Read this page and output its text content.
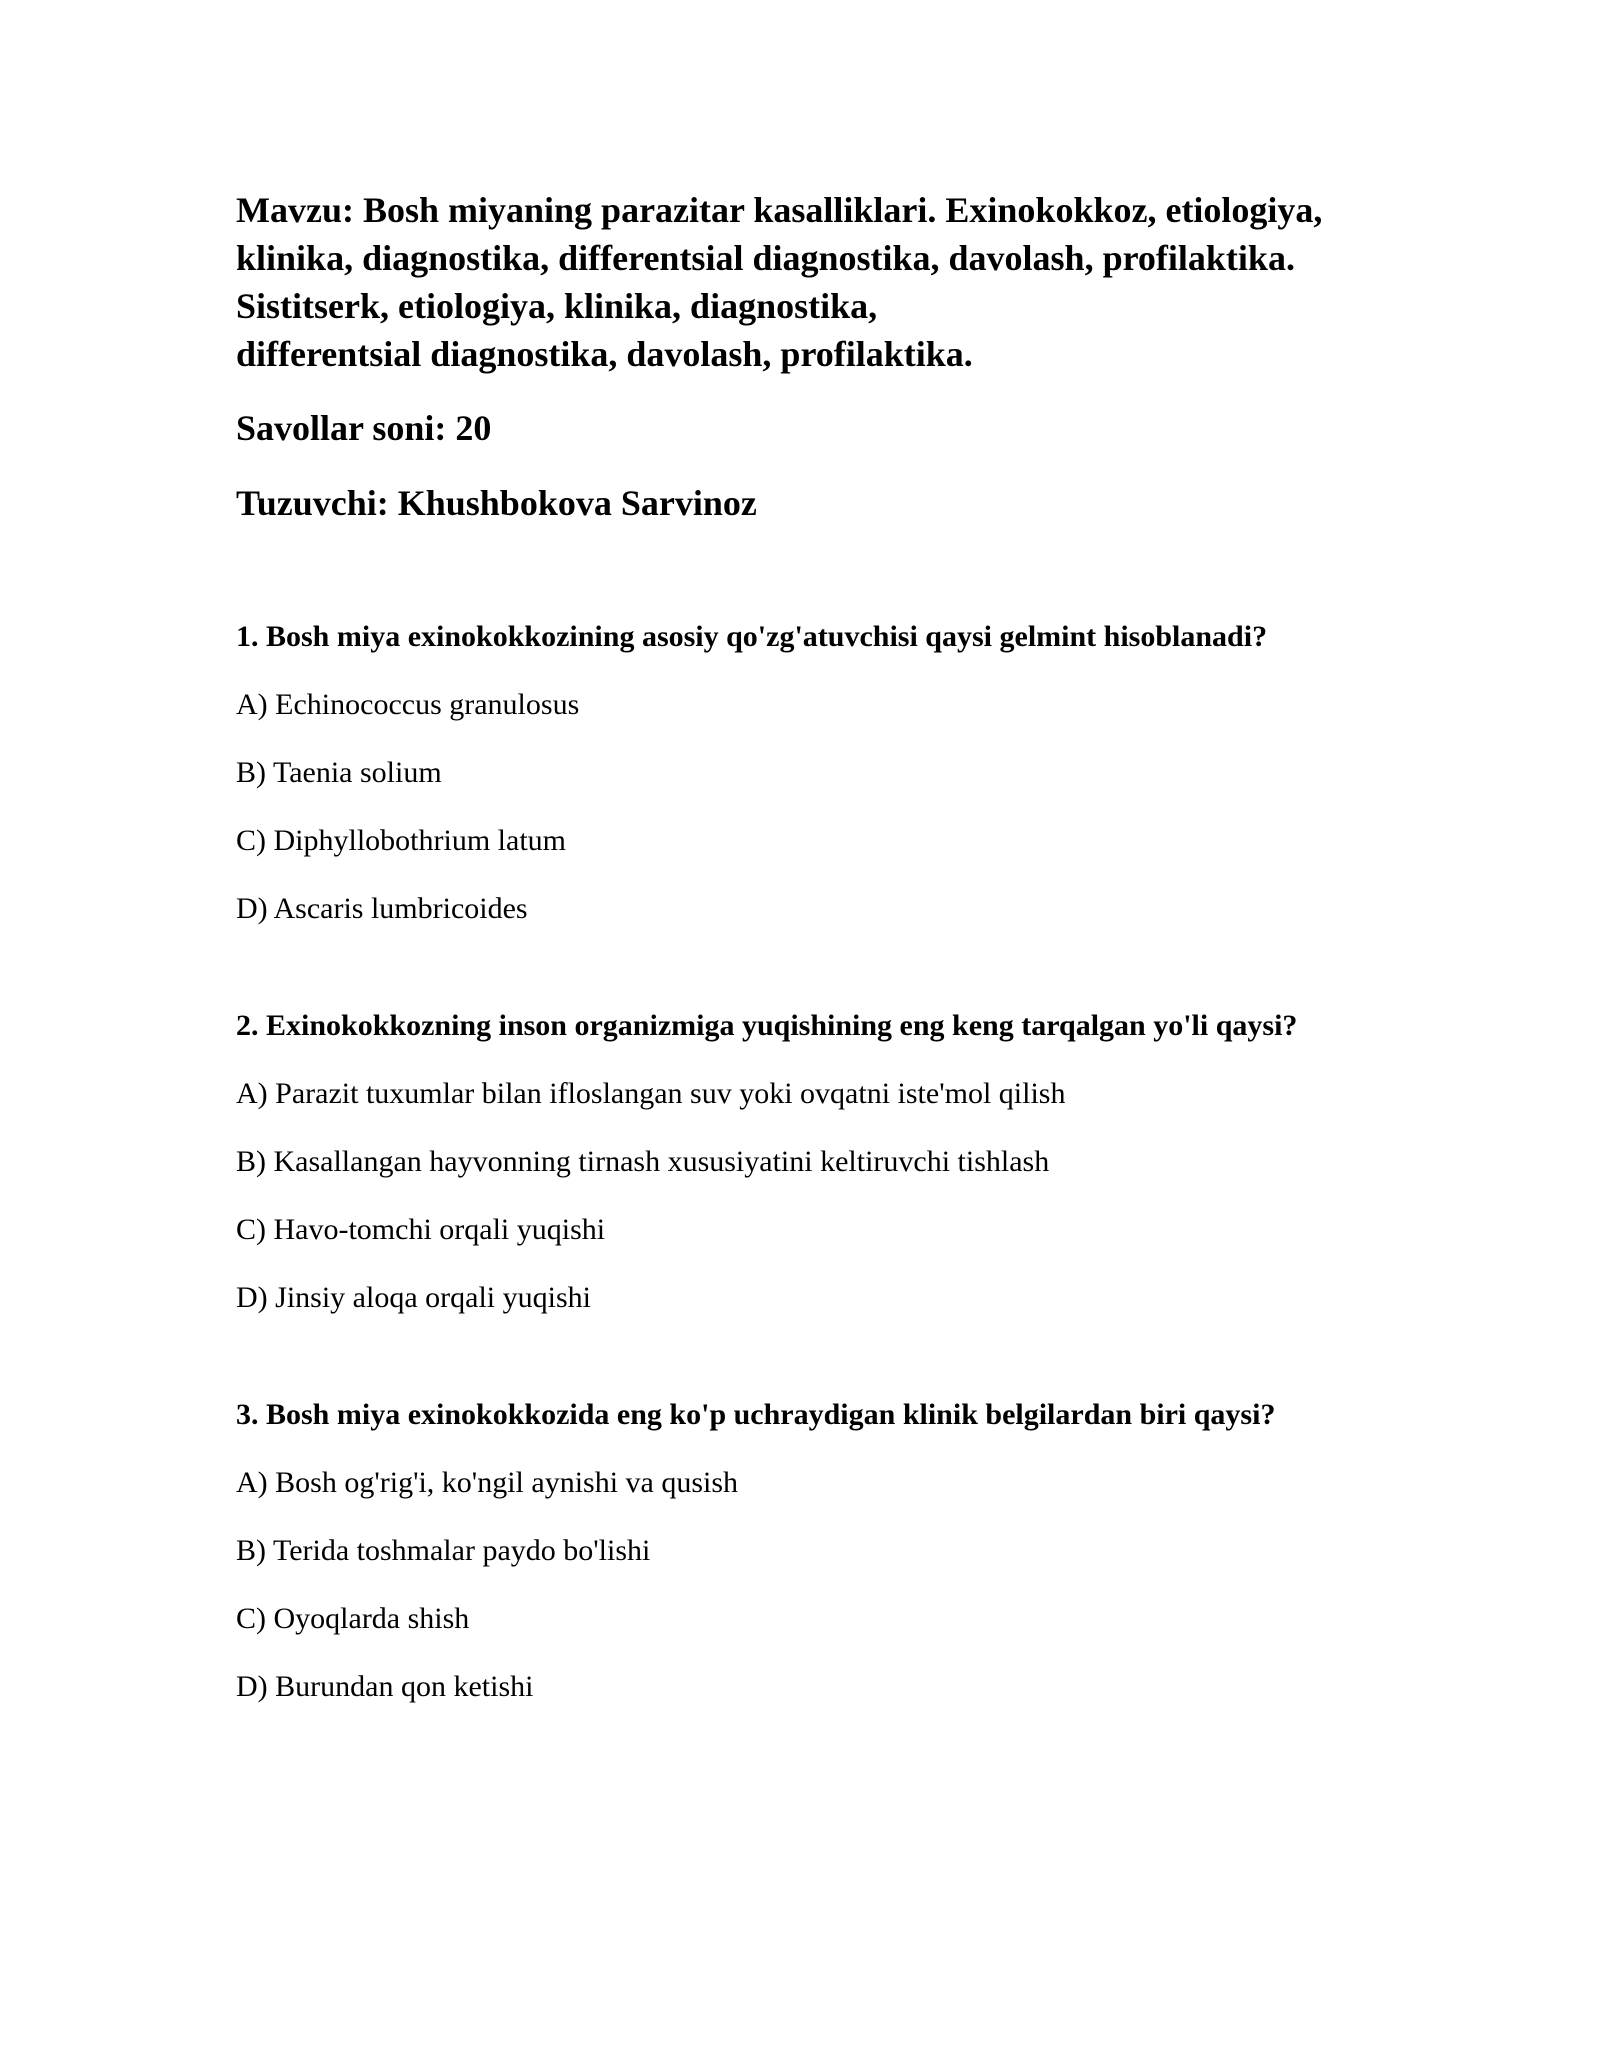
Mavzu: Bosh miyaning parazitar kasalliklari. Exinokokkoz, etiologiya,
klinika, diagnostika, differentsial diagnostika, davolash, profilaktika.
Sistitserk, etiologiya, klinika, diagnostika,
differentsial diagnostika, davolash, profilaktika.

Savollar soni: 20

Tuzuvchi: Khushbokova Sarvinoz

1. Bosh miya exinokokkozining asosiy qo'zg'atuvchisi qaysi gelmint hisoblanadi?

A) Echinococcus granulosus

B) Taenia solium

C) Diphyllobothrium latum

D) Ascaris lumbricoides

2. Exinokokkozning inson organizmiga yuqishining eng keng tarqalgan yo'li qaysi?

A) Parazit tuxumlar bilan ifloslangan suv yoki ovqatni iste'mol qilish

B) Kasallangan hayvonning tirnash xususiyatini keltiruvchi tishlash

C) Havo-tomchi orqali yuqishi

D) Jinsiy aloqa orqali yuqishi

3. Bosh miya exinokokkozida eng ko'p uchraydigan klinik belgilardan biri qaysi?

A) Bosh og'rig'i, ko'ngil aynishi va qusish

B) Terida toshmalar paydo bo'lishi

C) Oyoqlarda shish

D) Burundan qon ketishi
